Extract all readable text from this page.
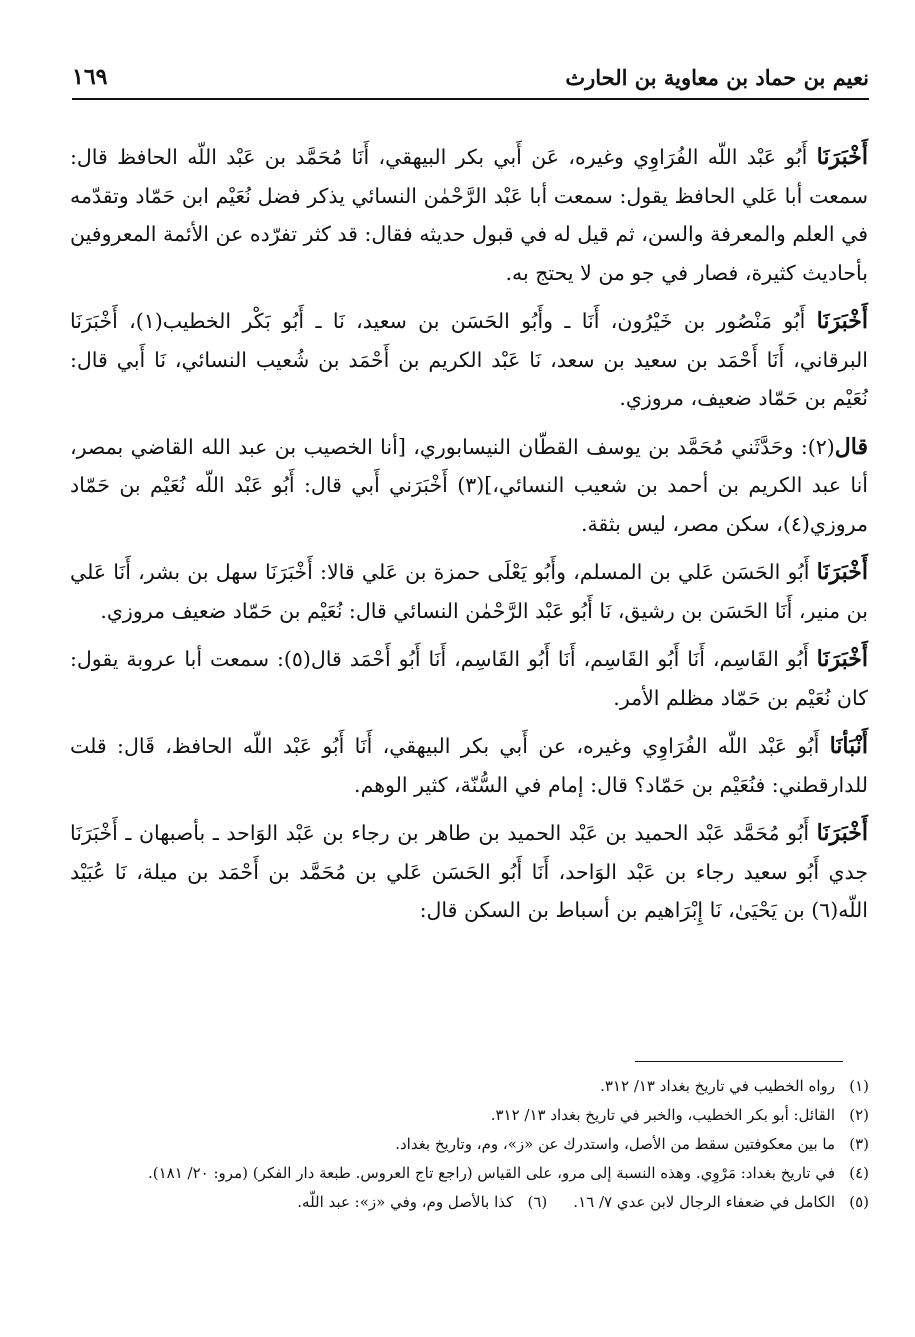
نعيم بن حماد بن معاوية بن الحارث
١٦٩

أَخْبَرَنَا أَبُو عَبْد اللّه الفُرَاوِي وغيره، عَن أَبي بكر البيهقي، أَنَا مُحَمَّد بن عَبْد اللّه الحافظ قال: سمعت أبا عَلي الحافظ يقول: سمعت أبا عَبْد الرَّحْمٰن النسائي يذكر فضل نُعَيْم ابن حَمّاد وتقدّمه في العلم والمعرفة والسن، ثم قيل له في قبول حديثه فقال: قد كثر تفرّده عن الأئمة المعروفين بأحاديث كثيرة، فصار في جو من لا يحتج به.

أَخْبَرَنَا أَبُو مَنْصُور بن خَيْرُون، أَنَا ـ وأَبُو الحَسَن بن سعيد، نَا ـ أَبُو بَكْر الخطيب(١)، أَخْبَرَنَا البرقاني، أَنَا أَحْمَد بن سعيد بن سعد، نَا عَبْد الكريم بن أَحْمَد بن شُعيب النسائي، نَا أَبي قال: نُعَيْم بن حَمّاد ضعيف، مروزي.

قال(٢): وحَدَّثَني مُحَمَّد بن يوسف القطّان النيسابوري، [أنا الخصيب بن عبد الله القاضي بمصر، أنا عبد الكريم بن أحمد بن شعيب النسائي،](٣) أَخْبَرَني أَبي قال: أَبُو عَبْد اللّه نُعَيْم بن حَمّاد مروزي(٤)، سكن مصر، ليس بثقة.

أَخْبَرَنَا أَبُو الحَسَن عَلي بن المسلم، وأَبُو يَعْلَى حمزة بن عَلي قالا: أَخْبَرَنَا سهل بن بشر، أَنَا عَلي بن منير، أَنَا الحَسَن بن رشيق، نَا أَبُو عَبْد الرَّحْمٰن النسائي قال: نُعَيْم بن حَمّاد ضعيف مروزي.

أَخْبَرَنَا أَبُو القَاسِم، أَنَا أَبُو القَاسِم، أَنَا أَبُو القَاسِم، أَنَا أَبُو أَحْمَد قال(٥): سمعت أبا عروبة يقول: كان نُعَيْم بن حَمّاد مظلم الأمر.

أَنْبَأنَا أَبُو عَبْد اللّه الفُرَاوِي وغيره، عن أَبي بكر البيهقي، أَنَا أَبُو عَبْد اللّه الحافظ، قَال: قلت للدارقطني: فنُعَيْم بن حَمّاد؟ قال: إمام في السُّنّة، كثير الوهم.

أَخْبَرَنَا أَبُو مُحَمَّد عَبْد الحميد بن عَبْد الحميد بن طاهر بن رجاء بن عَبْد الوَاحد ـ بأصبهان ـ أَخْبَرَنَا جدي أَبُو سعيد رجاء بن عَبْد الوَاحد، أَنَا أَبُو الحَسَن عَلي بن مُحَمَّد بن أَحْمَد بن ميلة، نَا عُبَيْد اللّه(٦) بن يَحْيَىٰ، نَا إِبْرَاهيم بن أسباط بن السكن قال:

(١)
رواه الخطيب في تاريخ بغداد ١٣/ ٣١٢.
(٢)
القائل: أبو بكر الخطيب، والخبر في تاريخ بغداد ١٣/ ٣١٢.
(٣)
ما بين معكوفتين سقط من الأصل، واستدرك عن «ز»، وم، وتاريخ بغداد.
(٤)
في تاريخ بغداد: مَرْوِي. وهذه النسبة إلى مرو، على القياس (راجع تاج العروس. طبعة دار الفكر) (مرو: ٢٠/ ١٨١).
(٥)
الكامل في ضعفاء الرجال لابن عدي ٧/ ١٦.
(٦)
كذا بالأصل وم، وفي «ز»: عبد اللّه.
